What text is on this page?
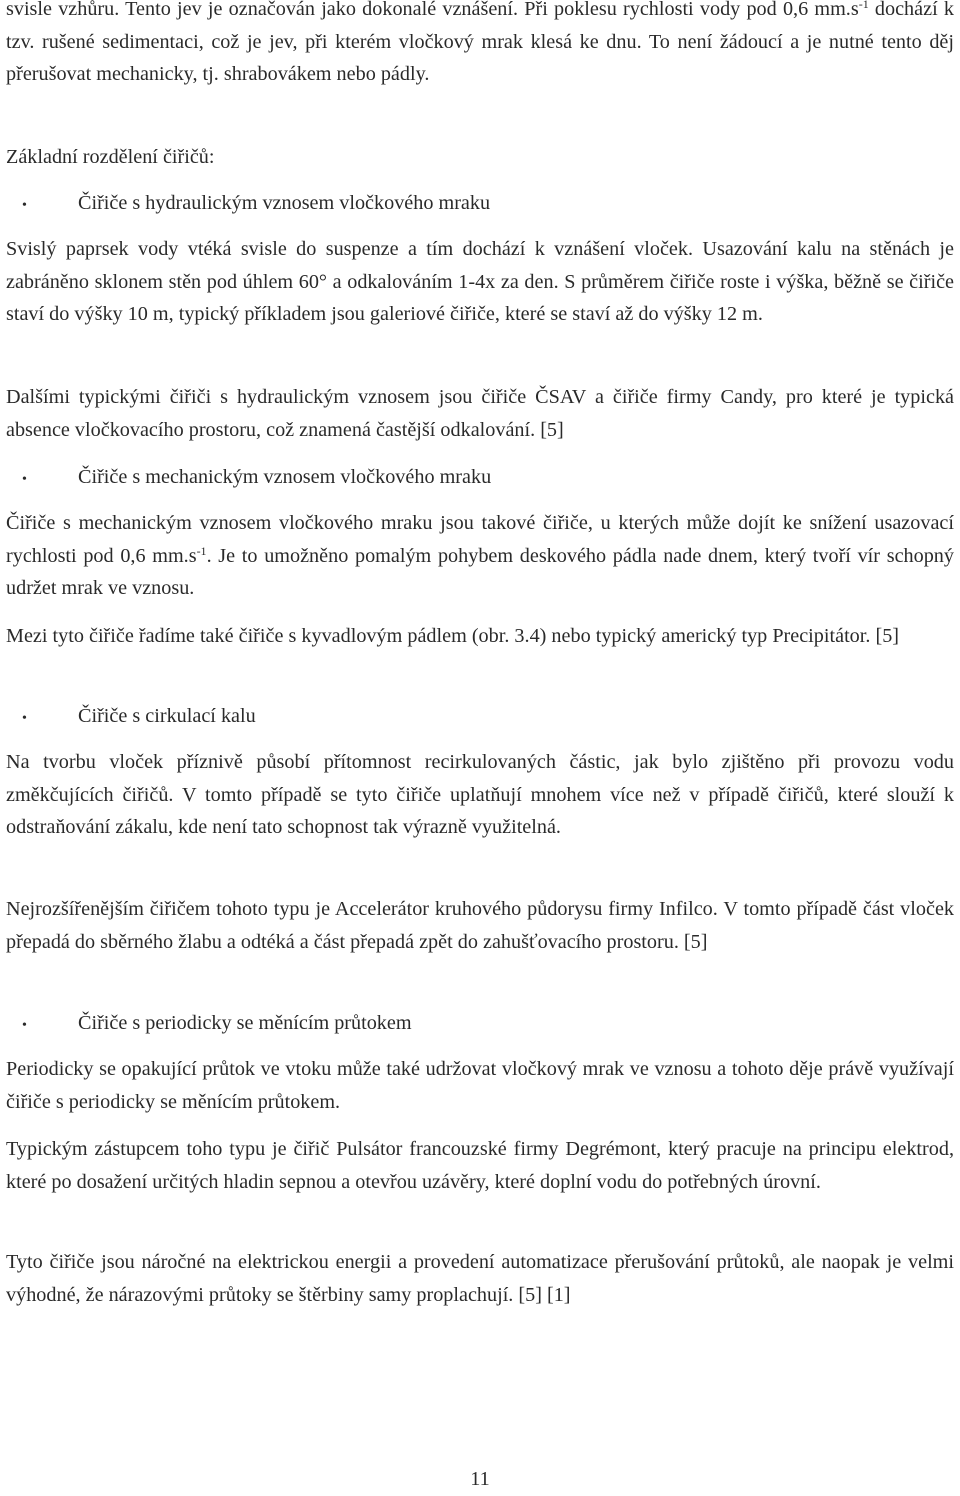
svisle vzhůru. Tento jev je označován jako dokonalé vznášení. Při poklesu rychlosti vody pod 0,6 $mm.s^{-1}$ dochází k tzv. rušené sedimentaci, což je jev, při kterém vločkový mrak klesá ke dnu. To není žádoucí a je nutné tento děj přerušovat mechanicky, tj. shrabovákem nebo pádly.

Základní rozdělení čiřičů:

•	Čiřiče s hydraulickým vznosem vločkového mraku

Svislý paprsek vody vtéká svisle do suspenze a tím dochází k vznášení vloček. Usazování kalu na stěnách je zabráněno sklonem stěn pod úhlem 60° a odkalováním 1-4x za den. S průměrem čiřiče roste i výška, běžně se čiřiče staví do výšky 10 m, typický příkladem jsou galeriové čiřiče, které se staví až do výšky 12 m.

Dalšími typickými čiřiči s hydraulickým vznosem jsou čiřiče ČSAV a čiřiče firmy Candy, pro které je typická absence vločkovacího prostoru, což znamená častější odkalování. [5]

•	Čiřiče s mechanickým vznosem vločkového mraku

Čiřiče s mechanickým vznosem vločkového mraku jsou takové čiřiče, u kterých může dojít ke snížení usazovací rychlosti pod 0,6 $mm.s^{-1}$. Je to umožněno pomalým pohybem deskového pádla nade dnem, který tvoří vír schopný udržet mrak ve vznosu.

Mezi tyto čiřiče řadíme také čiřiče s kyvadlovým pádlem (obr. 3.4) nebo typický americký typ Precipitátor. [5]

•	Čiřiče s cirkulací kalu

Na tvorbu vloček příznivě působí přítomnost recirkulovaných částic, jak bylo zjištěno při provozu vodu změkčujících čiřičů. V tomto případě se tyto čiřiče uplatňují mnohem více než v případě čiřičů, které slouží k odstraňování zákalu, kde není tato schopnost tak výrazně využitelná.

Nejrozšířenějším čiřičem tohoto typu je Accelerátor kruhového půdorysu firmy Infilco. V tomto případě část vloček přepadá do sběrného žlabu a odtéká a část přepadá zpět do zahušťovacího prostoru. [5]

•	Čiřiče s periodicky se měnícím průtokem

Periodicky se opakující průtok ve vtoku může také udržovat vločkový mrak ve vznosu a tohoto děje právě využívají čiřiče s periodicky se měnícím průtokem.

Typickým zástupcem toho typu je čiřič Pulsátor francouzské firmy Degrémont, který pracuje na principu elektrod, které po dosažení určitých hladin sepnou a otevřou uzávěry, které doplní vodu do potřebných úrovní.

Tyto čiřiče jsou náročné na elektrickou energii a provedení automatizace přerušování průtoků, ale naopak je velmi výhodné, že nárazovými průtoky se štěrbiny samy proplachují. [5] [1]

11
